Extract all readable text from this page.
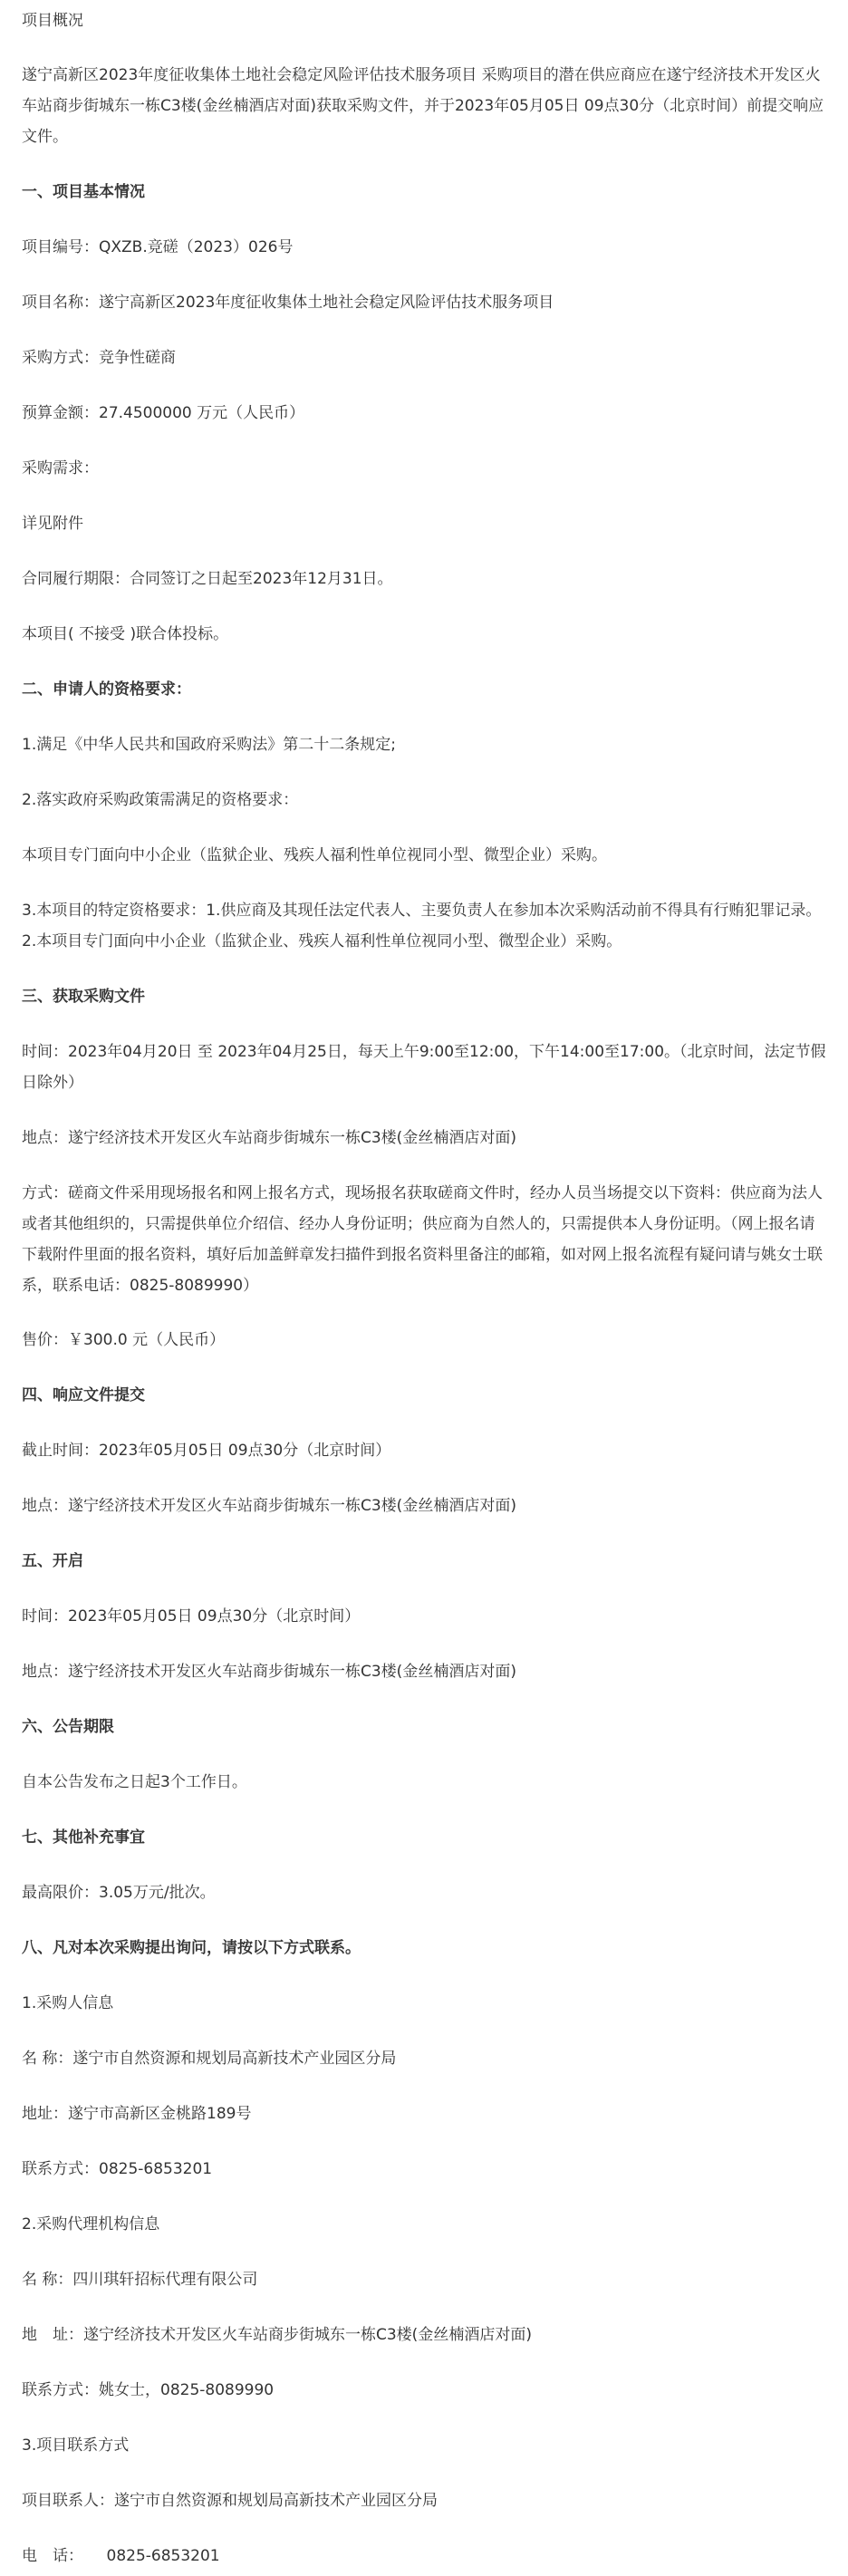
项目概况
遂宁高新区2023年度征收集体土地社会稳定风险评估技术服务项目 采购项目的潜在供应商应在遂宁经济技术开发区火车站商步街城东一栋C3楼(金丝楠酒店对面)获取采购文件，并于2023年05月05日 09点30分（北京时间）前提交响应文件。
一、项目基本情况
项目编号：QXZB.竞磋（2023）026号
项目名称：遂宁高新区2023年度征收集体土地社会稳定风险评估技术服务项目
采购方式：竞争性磋商
预算金额：27.4500000 万元（人民币）
采购需求：
详见附件
合同履行期限：合同签订之日起至2023年12月31日。
本项目( 不接受 )联合体投标。
二、申请人的资格要求：
1.满足《中华人民共和国政府采购法》第二十二条规定;
2.落实政府采购政策需满足的资格要求：
本项目专门面向中小企业（监狱企业、残疾人福利性单位视同小型、微型企业）采购。
3.本项目的特定资格要求：1.供应商及其现任法定代表人、主要负责人在参加本次采购活动前不得具有行贿犯罪记录。2.本项目专门面向中小企业（监狱企业、残疾人福利性单位视同小型、微型企业）采购。
三、获取采购文件
时间：2023年04月20日 至 2023年04月25日，每天上午9:00至12:00，下午14:00至17:00。（北京时间，法定节假日除外）
地点：遂宁经济技术开发区火车站商步街城东一栋C3楼(金丝楠酒店对面)
方式：磋商文件采用现场报名和网上报名方式，现场报名获取磋商文件时，经办人员当场提交以下资料：供应商为法人或者其他组织的，只需提供单位介绍信、经办人身份证明；供应商为自然人的，只需提供本人身份证明。（网上报名请下载附件里面的报名资料，填好后加盖鲜章发扫描件到报名资料里备注的邮箱，如对网上报名流程有疑问请与姚女士联系，联系电话：0825-8089990）
售价：￥300.0 元（人民币）
四、响应文件提交
截止时间：2023年05月05日 09点30分（北京时间）
地点：遂宁经济技术开发区火车站商步街城东一栋C3楼(金丝楠酒店对面)
五、开启
时间：2023年05月05日 09点30分（北京时间）
地点：遂宁经济技术开发区火车站商步街城东一栋C3楼(金丝楠酒店对面)
六、公告期限
自本公告发布之日起3个工作日。
七、其他补充事宜
最高限价：3.05万元/批次。
八、凡对本次采购提出询问，请按以下方式联系。
1.采购人信息
名 称：遂宁市自然资源和规划局高新技术产业园区分局
地址：遂宁市高新区金桃路189号
联系方式：0825-6853201
2.采购代理机构信息
名 称：四川琪轩招标代理有限公司
地　址：遂宁经济技术开发区火车站商步街城东一栋C3楼(金丝楠酒店对面)
联系方式：姚女士，0825-8089990
3.项目联系方式
项目联系人：遂宁市自然资源和规划局高新技术产业园区分局
电　话：　　0825-6853201
